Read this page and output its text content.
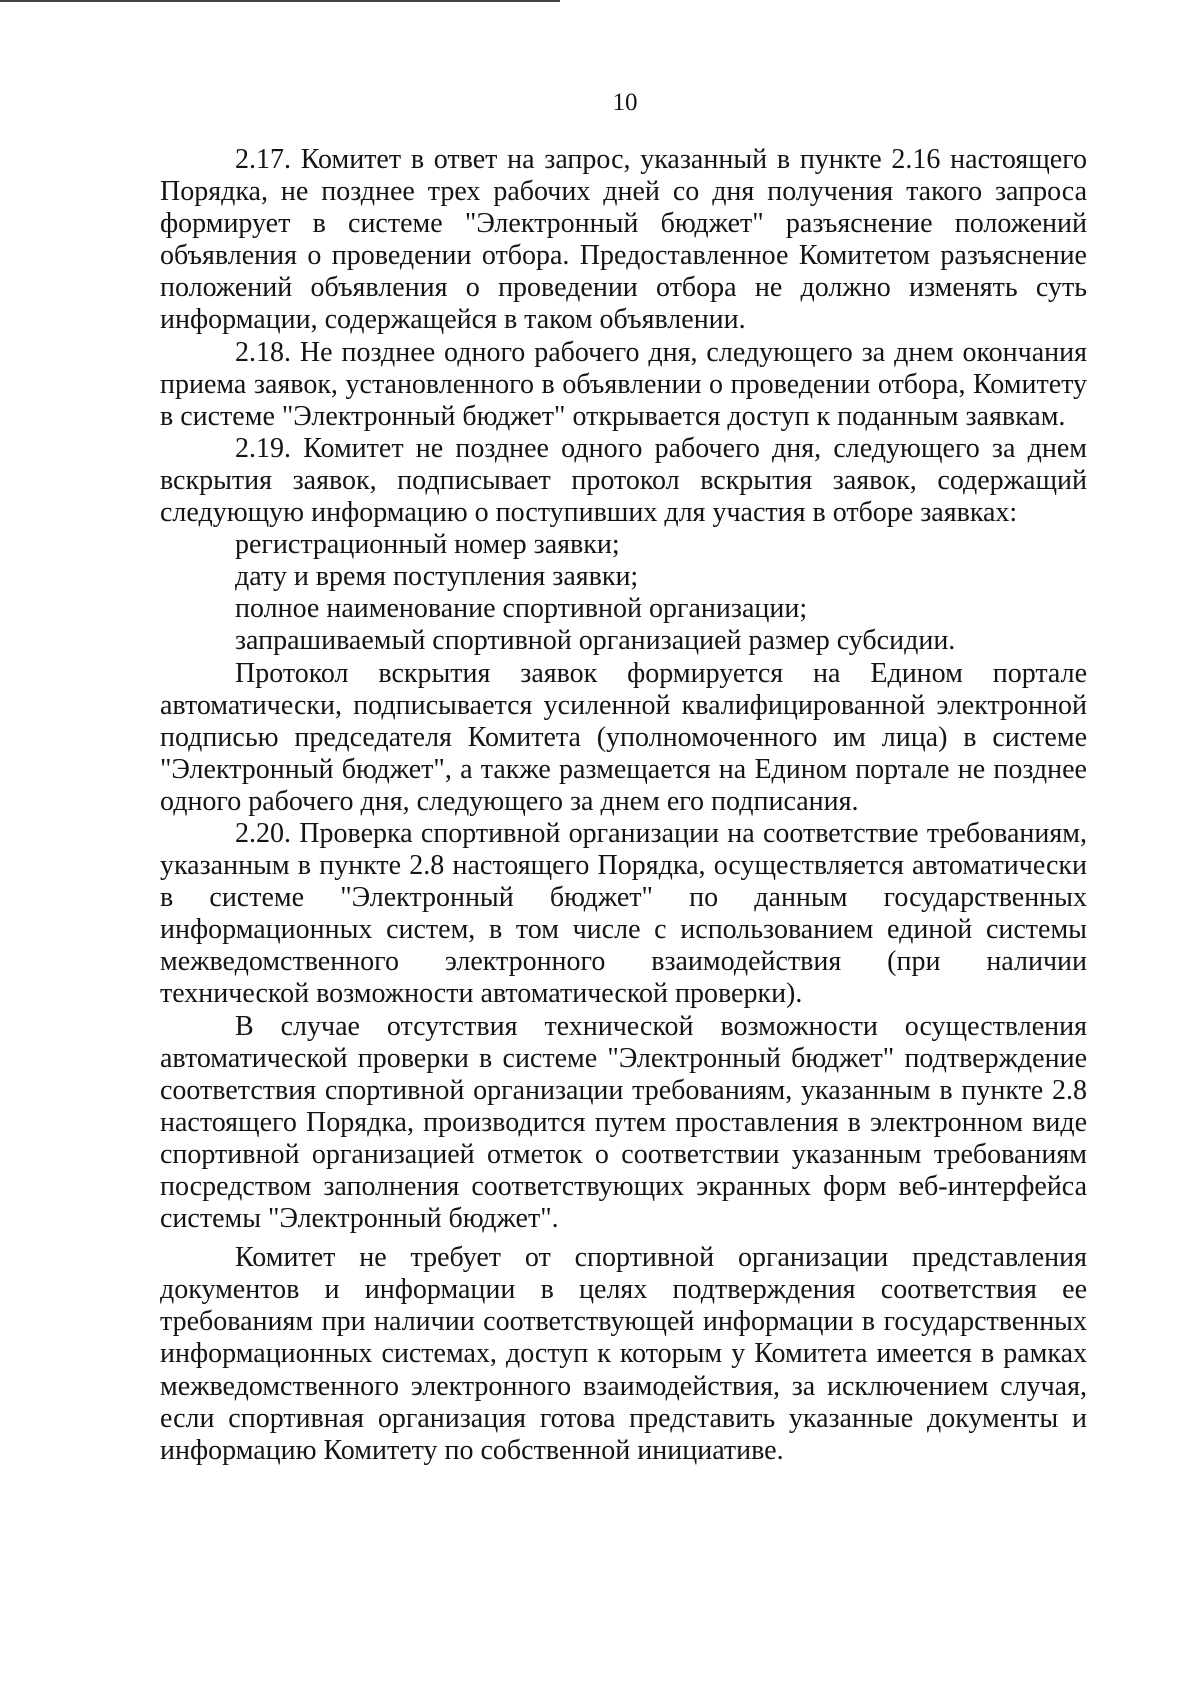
10

2.17. Комитет в ответ на запрос, указанный в пункте 2.16 настоящего Порядка, не позднее трех рабочих дней со дня получения такого запроса формирует в системе "Электронный бюджет" разъяснение положений объявления о проведении отбора. Предоставленное Комитетом разъяснение положений объявления о проведении отбора не должно изменять суть информации, содержащейся в таком объявлении.

2.18. Не позднее одного рабочего дня, следующего за днем окончания приема заявок, установленного в объявлении о проведении отбора, Комитету в системе "Электронный бюджет" открывается доступ к поданным заявкам.

2.19. Комитет не позднее одного рабочего дня, следующего за днем вскрытия заявок, подписывает протокол вскрытия заявок, содержащий следующую информацию о поступивших для участия в отборе заявках:

регистрационный номер заявки;

дату и время поступления заявки;

полное наименование спортивной организации;

запрашиваемый спортивной организацией размер субсидии.

Протокол вскрытия заявок формируется на Едином портале автоматически, подписывается усиленной квалифицированной электронной подписью председателя Комитета (уполномоченного им лица) в системе "Электронный бюджет", а также размещается на Едином портале не позднее одного рабочего дня, следующего за днем его подписания.

2.20. Проверка спортивной организации на соответствие требованиям, указанным в пункте 2.8 настоящего Порядка, осуществляется автоматически в системе "Электронный бюджет" по данным государственных информационных систем, в том числе с использованием единой системы межведомственного электронного взаимодействия (при наличии технической возможности автоматической проверки).

В случае отсутствия технической возможности осуществления автоматической проверки в системе "Электронный бюджет" подтверждение соответствия спортивной организации требованиям, указанным в пункте 2.8 настоящего Порядка, производится путем проставления в электронном виде спортивной организацией отметок о соответствии указанным требованиям посредством заполнения соответствующих экранных форм веб-интерфейса системы "Электронный бюджет".

Комитет не требует от спортивной организации представления документов и информации в целях подтверждения соответствия ее требованиям при наличии соответствующей информации в государственных информационных системах, доступ к которым у Комитета имеется в рамках межведомственного электронного взаимодействия, за исключением случая, если спортивная организация готова представить указанные документы и информацию Комитету по собственной инициативе.
